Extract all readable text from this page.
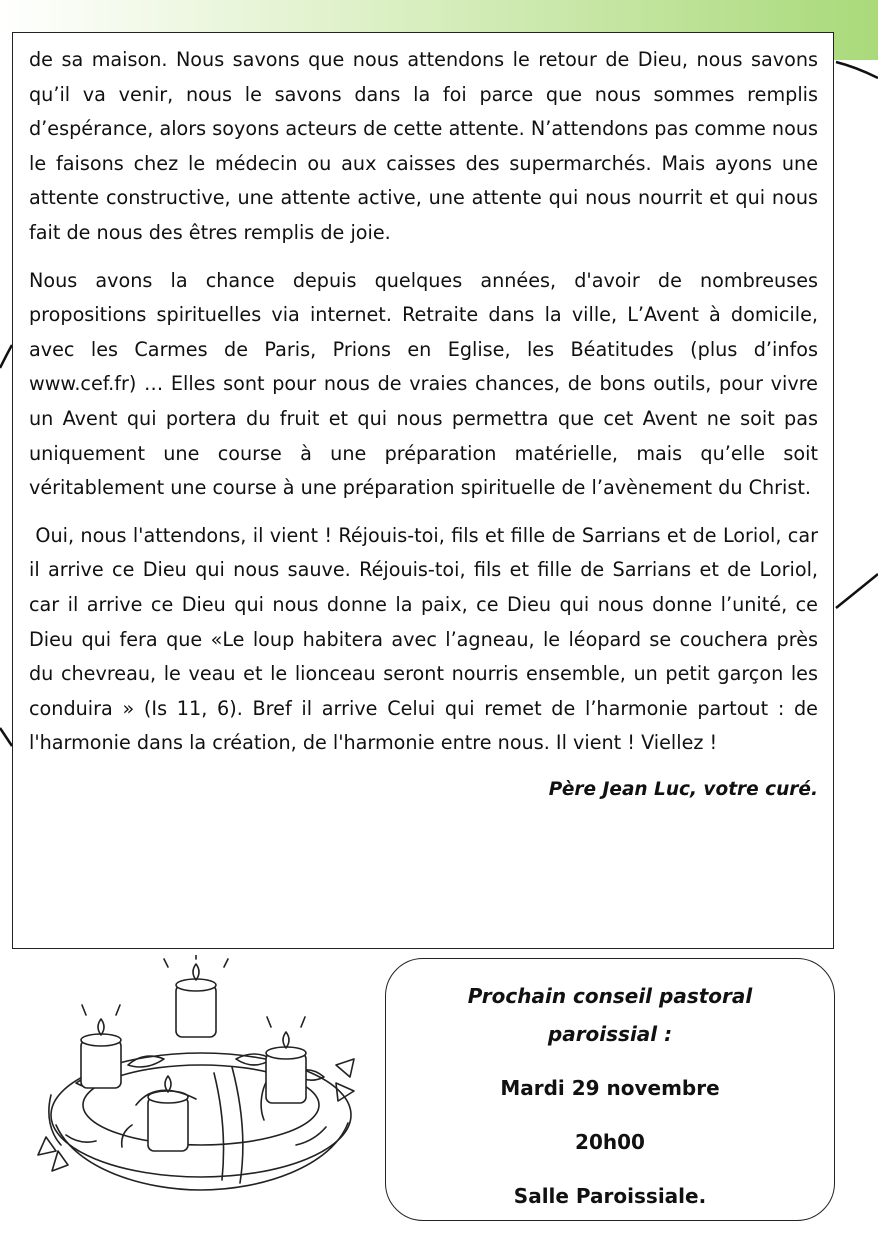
de sa maison. Nous savons que nous attendons le retour de Dieu, nous savons qu’il va venir, nous le savons dans la foi parce que nous sommes remplis d’espérance, alors soyons acteurs de cette attente. N’attendons pas comme nous le faisons chez le médecin ou aux caisses des supermarchés. Mais ayons une attente constructive, une attente active, une attente qui nous nourrit et qui nous fait de nous des êtres remplis de joie.

Nous avons la chance depuis quelques années, d'avoir de nombreuses propositions spirituelles via internet. Retraite dans la ville, L’Avent à domicile, avec les Carmes de Paris, Prions en Eglise, les Béatitudes (plus d’infos www.cef.fr) … Elles sont pour nous de vraies chances, de bons outils, pour vivre un Avent qui portera du fruit et qui nous permettra que cet Avent ne soit pas uniquement une course à une préparation matérielle, mais qu’elle soit véritablement une course à une préparation spirituelle de l’avènement du Christ.

Oui, nous l'attendons, il vient ! Réjouis-toi, fils et fille de Sarrians et de Loriol, car il arrive ce Dieu qui nous sauve. Réjouis-toi, fils et fille de Sarrians et de Loriol, car il arrive ce Dieu qui nous donne la paix, ce Dieu qui nous donne l’unité, ce Dieu qui fera que «Le loup habitera avec l’agneau, le léopard se couchera près du chevreau, le veau et le lionceau seront nourris ensemble, un petit garçon les conduira » (Is 11, 6). Bref il arrive Celui qui remet de l’harmonie partout : de l'harmonie dans la création, de l'harmonie entre nous. Il vient ! Viellez !

Père Jean Luc, votre curé.

Prochain conseil pastoral
paroissial :
Mardi 29 novembre
20h00
Salle Paroissiale.
